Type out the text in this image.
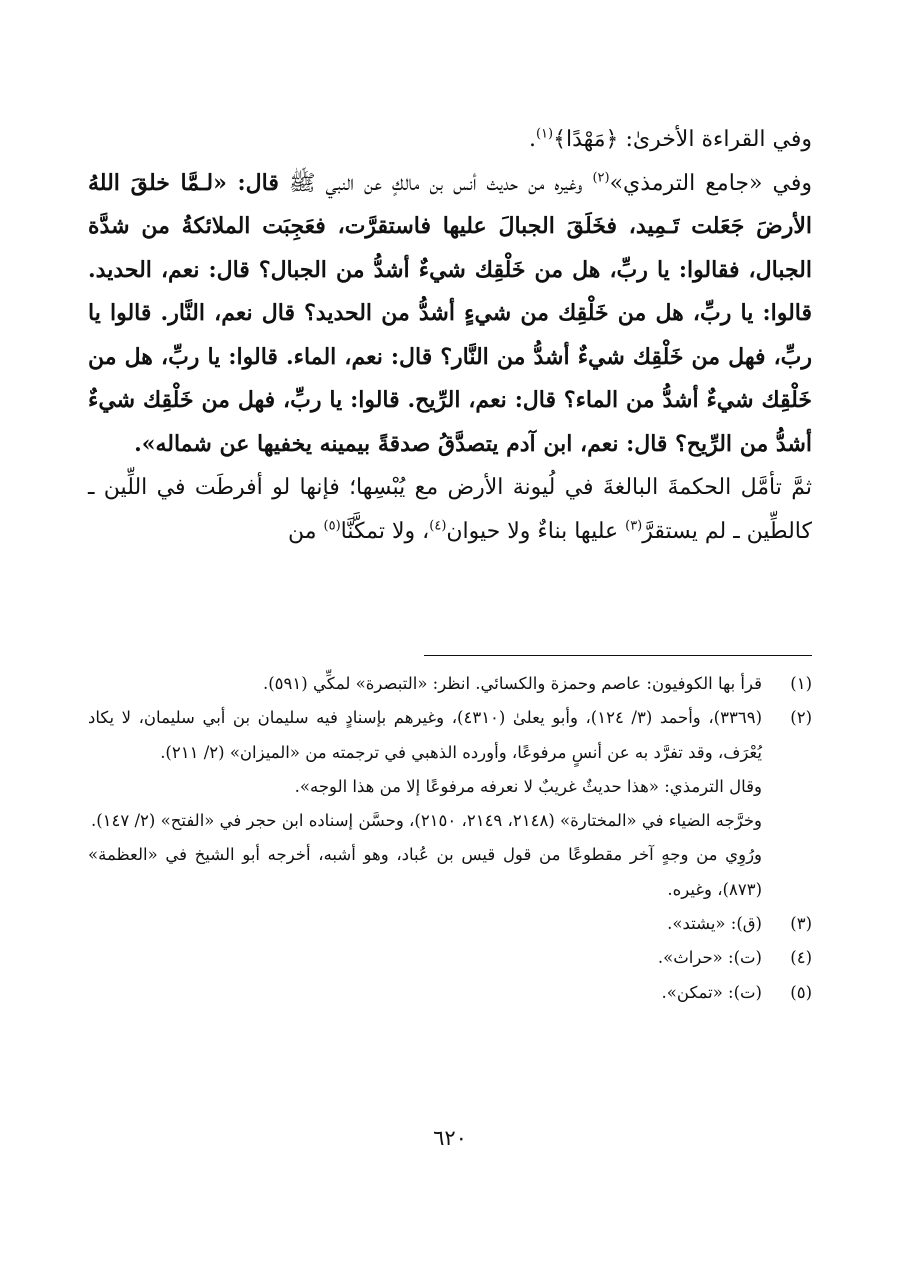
وفي القراءة الأخرىٰ: ﴿مَهْدًا﴾$^{(١)}$.

وفي «جامع الترمذي»$^{(٢)}$ وغيره من حديث أنس بن مالكٍ عن النبي ﷺ قال: «لـمَّا خلقَ اللهُ الأرضَ جَعَلت تَـمِيد، فخَلَقَ الجبالَ عليها فاستقرَّت، فعَجِبَت الملائكةُ من شدَّة الجبال، فقالوا: يا ربِّ، هل من خَلْقِك شيءٌ أشدُّ من الجبال؟ قال: نعم، الحديد. قالوا: يا ربِّ، هل من خَلْقِك من شيءٍ أشدُّ من الحديد؟ قال نعم، النَّار. قالوا يا ربِّ، فهل من خَلْقِك شيءٌ أشدُّ من النَّار؟ قال: نعم، الماء. قالوا: يا ربِّ، هل من خَلْقِك شيءٌ أشدُّ من الماء؟ قال: نعم، الرِّيح. قالوا: يا ربِّ، فهل من خَلْقِك شيءٌ أشدُّ من الرِّيح؟ قال: نعم، ابن آدم يتصدَّقُ صدقةً بيمينه يخفيها عن شماله».

ثمَّ تأمَّل الحكمةَ البالغةَ في لُيونة الأرض مع يُبْسِها؛ فإنها لو أفرطَت في اللِّين ـ كالطِّين ـ لم يستقرَّ$^{(٣)}$ عليها بناءٌ ولا حيوان$^{(٤)}$، ولا تمكَّنَّا$^{(٥)}$ من

(١)
قرأ بها الكوفيون: عاصم وحمزة والكسائي. انظر: «التبصرة» لمكِّي (٥٩١).
(٢)
(٣٣٦٩)، وأحمد (٣/ ١٢٤)، وأبو يعلىٰ (٤٣١٠)، وغيرهم بإسنادٍ فيه سليمان بن أبي سليمان، لا يكاد يُعْرَف، وقد تفرَّد به عن أنسٍ مرفوعًا، وأورده الذهبي في ترجمته من «الميزان» (٢/ ٢١١).
وقال الترمذي: «هذا حديثٌ غريبٌ لا نعرفه مرفوعًا إلا من هذا الوجه».
وخرَّجه الضياء في «المختارة» (٢١٤٨، ٢١٤٩، ٢١٥٠)، وحسَّن إسناده ابن حجر في «الفتح» (٢/ ١٤٧).
ورُوِي من وجهٍ آخر مقطوعًا من قول قيس بن عُباد، وهو أشبه، أخرجه أبو الشيخ في «العظمة» (٨٧٣)، وغيره.
(٣)
(ق): «يشتد».
(٤)
(ت): «حراث».
(٥)
(ت): «تمكن».
٦٢٠
